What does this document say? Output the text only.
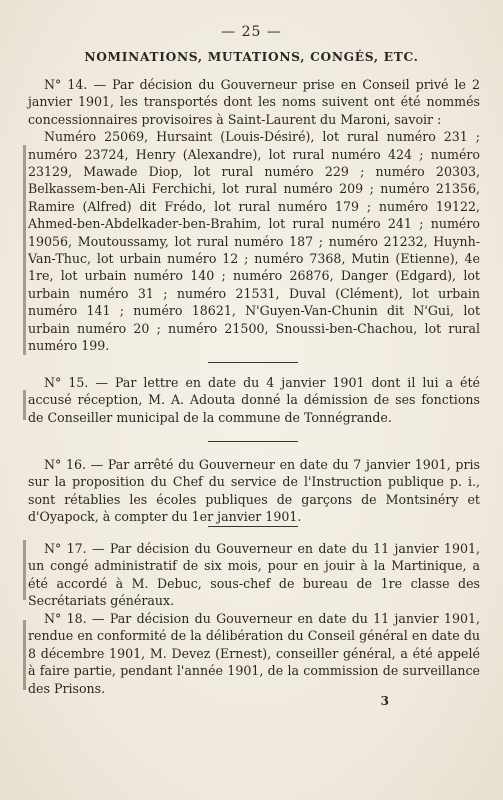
— 25 —
NOMINATIONS, MUTATIONS, CONGÉS, ETC.
N° 14. — Par décision du Gouverneur prise en Conseil privé le 2 janvier 1901, les transportés dont les noms suivent ont été nommés concessionnaires provisoires à Saint-Laurent du Maroni, savoir :
Numéro 25069, Hursaint (Louis-Désiré), lot rural numéro 231 ; numéro 23724, Henry (Alexandre), lot rural numéro 424 ; numéro 23129, Mawade Diop, lot rural numéro 229 ; numéro 20303, Belkassem-ben-Ali Ferchichi, lot rural numéro 209 ; numéro 21356, Ramire (Alfred) dit Frédo, lot rural numéro 179 ; numéro 19122, Ahmed-ben-Abdelkader-ben-Brahim, lot rural numéro 241 ; numéro 19056, Moutoussamy, lot rural numéro 187 ; numéro 21232, Huynh-Van-Thuc, lot urbain numéro 12 ; numéro 7368, Mutin (Etienne), 4e 1re, lot urbain numéro 140 ; numéro 26876, Danger (Edgard), lot urbain numéro 31 ; numéro 21531, Duval (Clément), lot urbain numéro 141 ; numéro 18621, N'Guyen-Van-Chunin dit N'Gui, lot urbain numéro 20 ; numéro 21500, Snoussi-ben-Chachou, lot rural numéro 199.
N° 15. — Par lettre en date du 4 janvier 1901 dont il lui a été accusé réception, M. A. Adouta donné la démission de ses fonctions de Conseiller municipal de la commune de Tonnégrande.
N° 16. — Par arrêté du Gouverneur en date du 7 janvier 1901, pris sur la proposition du Chef du service de l'Instruction publique p. i., sont rétablies les écoles publiques de garçons de Montsinéry et d'Oyapock, à compter du 1er janvier 1901.
N° 17. — Par décision du Gouverneur en date du 11 janvier 1901, un congé administratif de six mois, pour en jouir à la Martinique, a été accordé à M. Debuc, sous-chef de bureau de 1re classe des Secrétariats généraux.
N° 18. — Par décision du Gouverneur en date du 11 janvier 1901, rendue en conformité de la délibération du Conseil général en date du 8 décembre 1901, M. Devez (Ernest), conseiller général, a été appelé à faire partie, pendant l'année 1901, de la commission de surveillance des Prisons.
3
